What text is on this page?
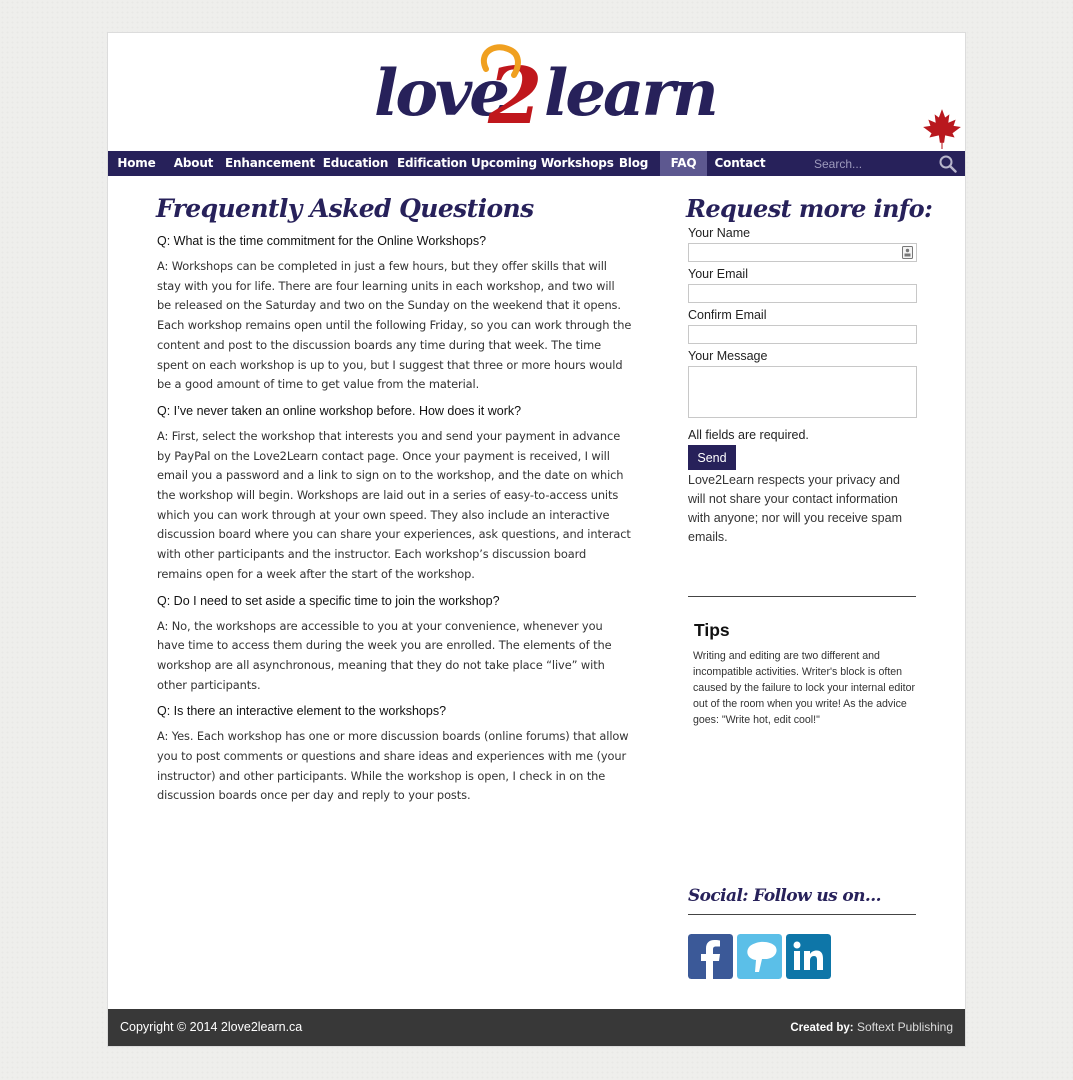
love
2 learn
Home	About Enhancement Education Edification Upcoming Workshops Blog	FAQ	Contact
Search...
Frequently Asked Questions

Q: What is the time commitment for the Online Workshops?

A: Workshops can be completed in just a few hours, but they offer skills that will stay with you for life. There are four learning units in each workshop, and two will be released on the Saturday and two on the Sunday on the weekend that it opens. Each workshop remains open until the following Friday, so you can work through the content and post to the discussion boards any time during that week. The time spent on each workshop is up to you, but I suggest that three or more hours would be a good amount of time to get value from the material.

Q: I’ve never taken an online workshop before. How does it work?

A: First, select the workshop that interests you and send your payment in advance by PayPal on the Love2Learn contact page. Once your payment is received, I will email you a password and a link to sign on to the workshop, and the date on which the workshop will begin. Workshops are laid out in a series of easy-to-access units which you can work through at your own speed. They also include an interactive discussion board where you can share your experiences, ask questions, and interact with other participants and the instructor. Each workshop’s discussion board remains open for a week after the start of the workshop.

Q: Do I need to set aside a specific time to join the workshop?

A: No, the workshops are accessible to you at your convenience, whenever you have time to access them during the week you are enrolled. The elements of the workshop are all asynchronous, meaning that they do not take place “live” with other participants.

Q: Is there an interactive element to the workshops?

A: Yes. Each workshop has one or more discussion boards (online forums) that allow you to post comments or questions and share ideas and experiences with me (your instructor) and other participants. While the workshop is open, I check in on the discussion boards once per day and reply to your posts.

Request more info:
Your Name
Your Email
Confirm Email
Your Message
All fields are required.
Send
Love2Learn respects your privacy and will not share your contact information with anyone; nor will you receive spam emails.
Tips
Writing and editing are two different and incompatible activities. Writer's block is often caused by the failure to lock your internal editor out of the room when you write! As the advice goes: "Write hot, edit cool!"
Social: Follow us on...
Copyright © 2014 2love2learn.ca	Created by: Softext Publishing
